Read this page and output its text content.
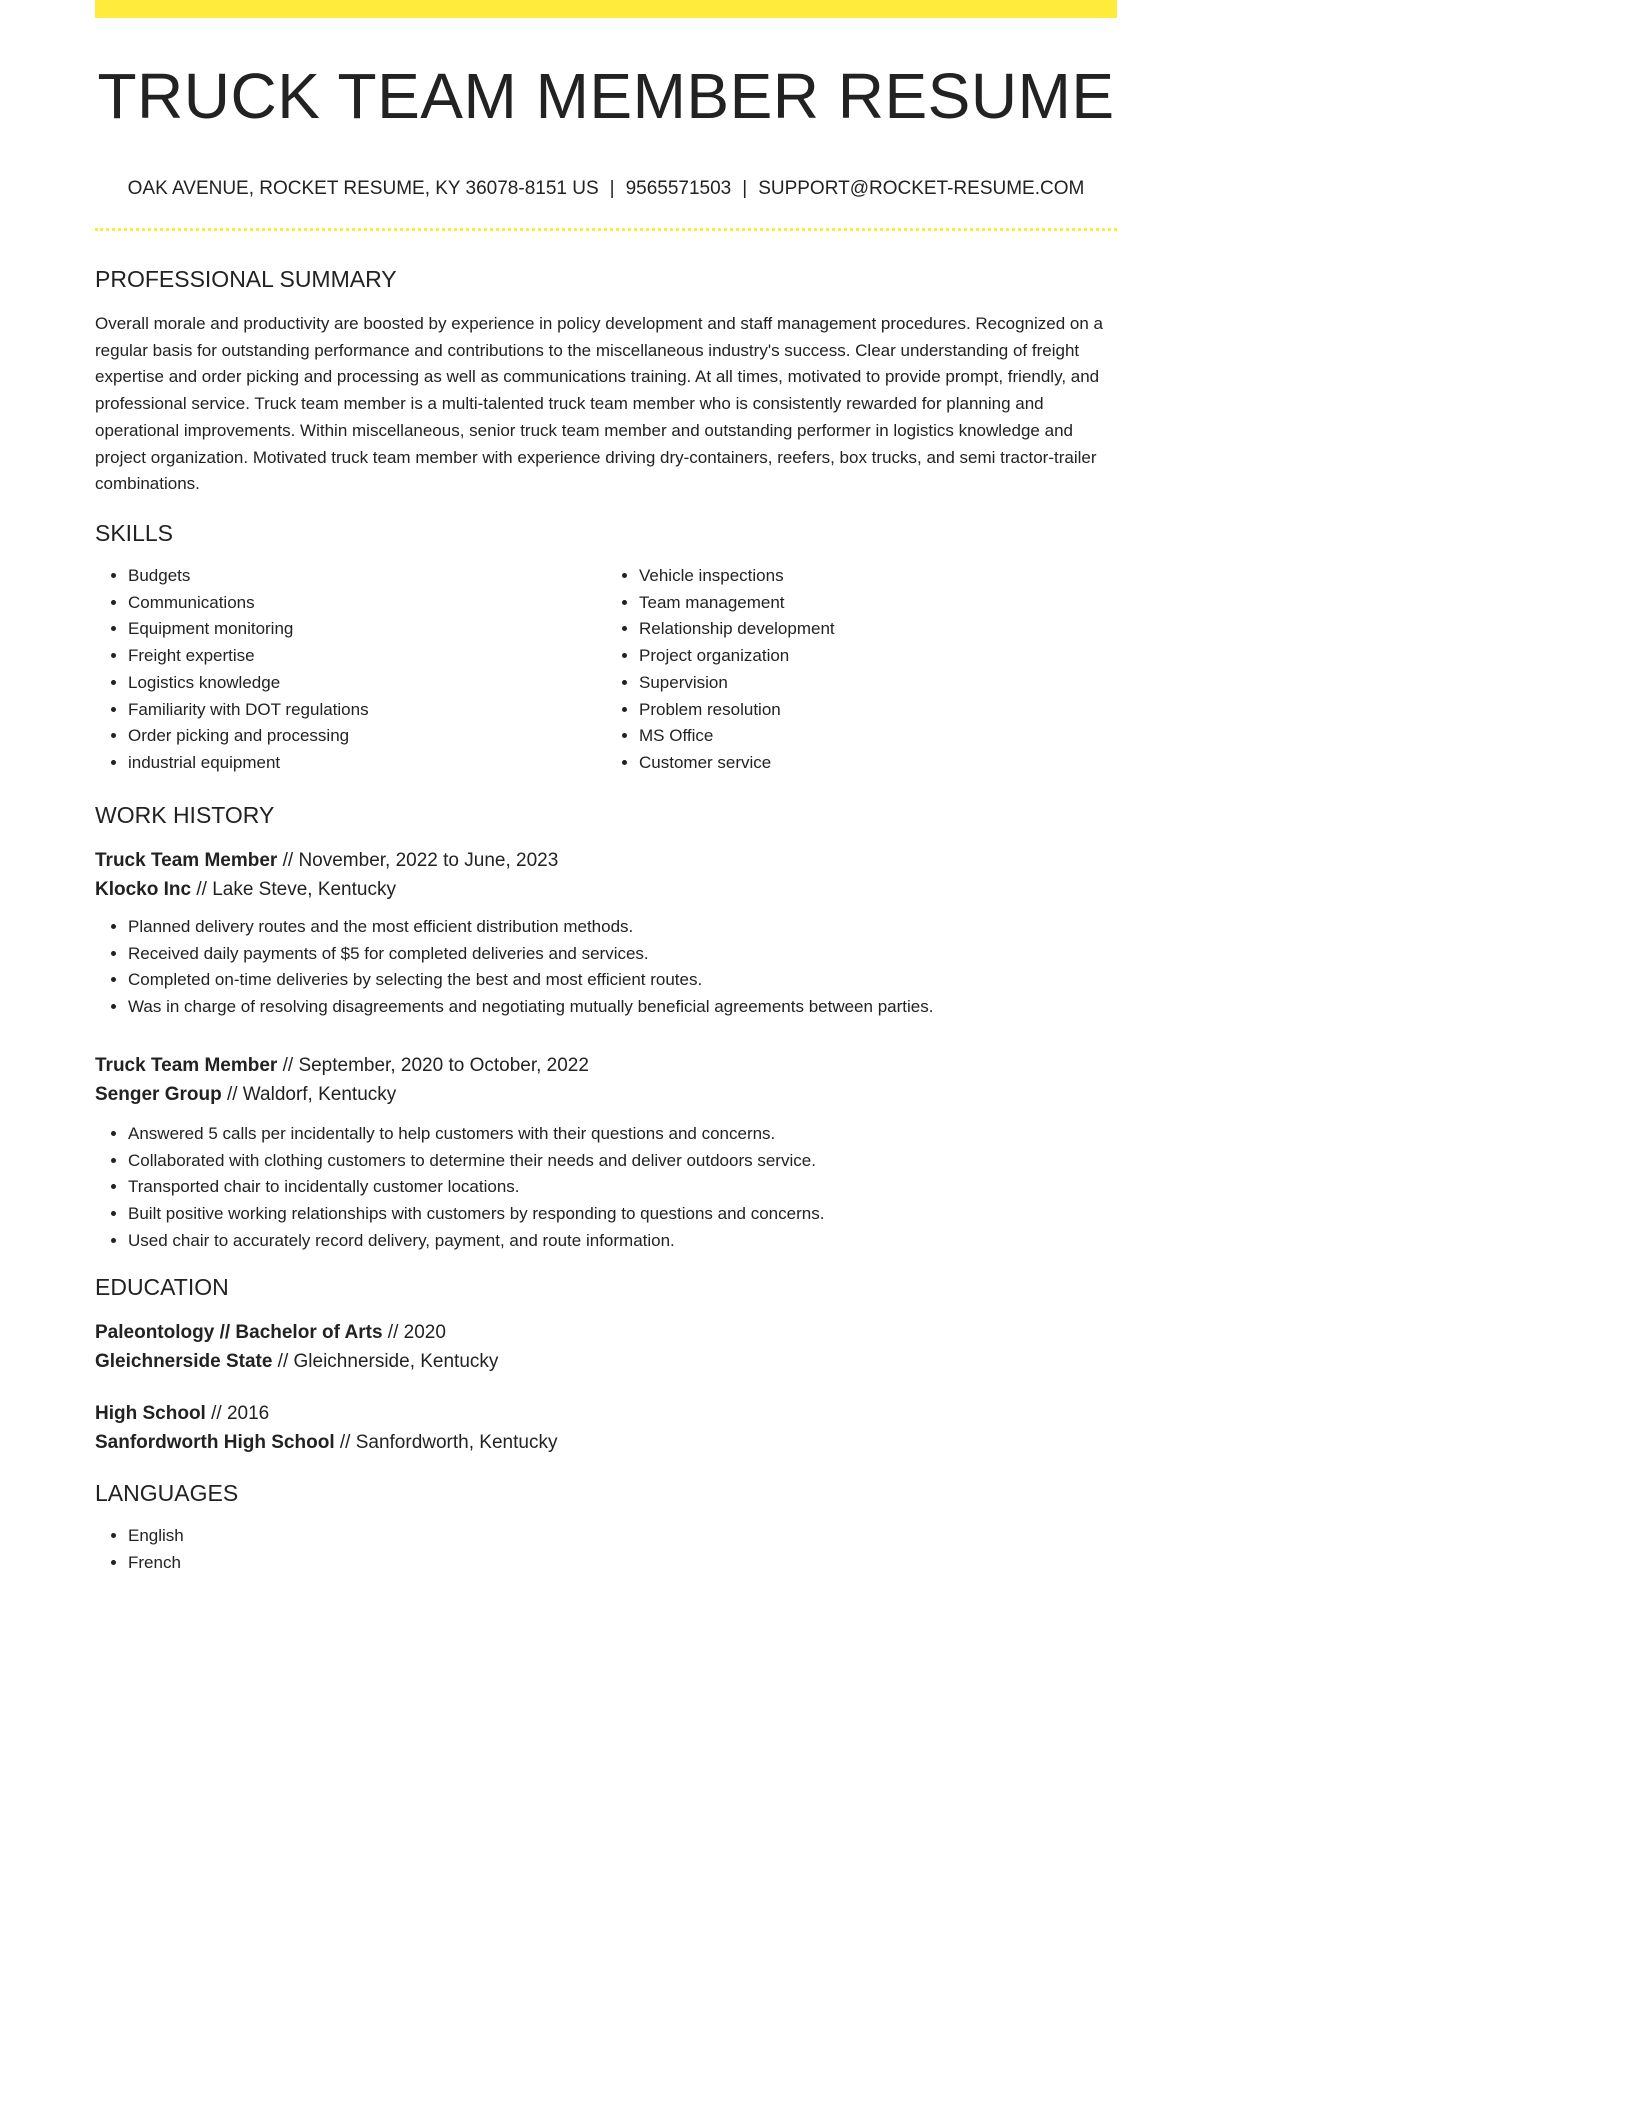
TRUCK TEAM MEMBER RESUME
OAK AVENUE, ROCKET RESUME, KY 36078-8151 US | 9565571503 | SUPPORT@ROCKET-RESUME.COM
PROFESSIONAL SUMMARY

Overall morale and productivity are boosted by experience in policy development and staff management procedures. Recognized on a regular basis for outstanding performance and contributions to the miscellaneous industry's success. Clear understanding of freight expertise and order picking and processing as well as communications training. At all times, motivated to provide prompt, friendly, and professional service. Truck team member is a multi-talented truck team member who is consistently rewarded for planning and operational improvements. Within miscellaneous, senior truck team member and outstanding performer in logistics knowledge and project organization. Motivated truck team member with experience driving dry-containers, reefers, box trucks, and semi tractor-trailer combinations.

SKILLS
• Budgets
• Communications
• Equipment monitoring
• Freight expertise
• Logistics knowledge
• Familiarity with DOT regulations
• Order picking and processing
• industrial equipment
• Vehicle inspections
• Team management
• Relationship development
• Project organization
• Supervision
• Problem resolution
• MS Office
• Customer service
WORK HISTORY
Truck Team Member // November, 2022 to June, 2023
Klocko Inc // Lake Steve, Kentucky
• Planned delivery routes and the most efficient distribution methods.
• Received daily payments of $5 for completed deliveries and services.
• Completed on-time deliveries by selecting the best and most efficient routes.
• Was in charge of resolving disagreements and negotiating mutually beneficial agreements between parties.
Truck Team Member // September, 2020 to October, 2022
Senger Group // Waldorf, Kentucky
• Answered 5 calls per incidentally to help customers with their questions and concerns.
• Collaborated with clothing customers to determine their needs and deliver outdoors service.
• Transported chair to incidentally customer locations.
• Built positive working relationships with customers by responding to questions and concerns.
• Used chair to accurately record delivery, payment, and route information.
EDUCATION
Paleontology // Bachelor of Arts // 2020
Gleichnerside State // Gleichnerside, Kentucky
High School // 2016
Sanfordworth High School // Sanfordworth, Kentucky
LANGUAGES
• English
• French
